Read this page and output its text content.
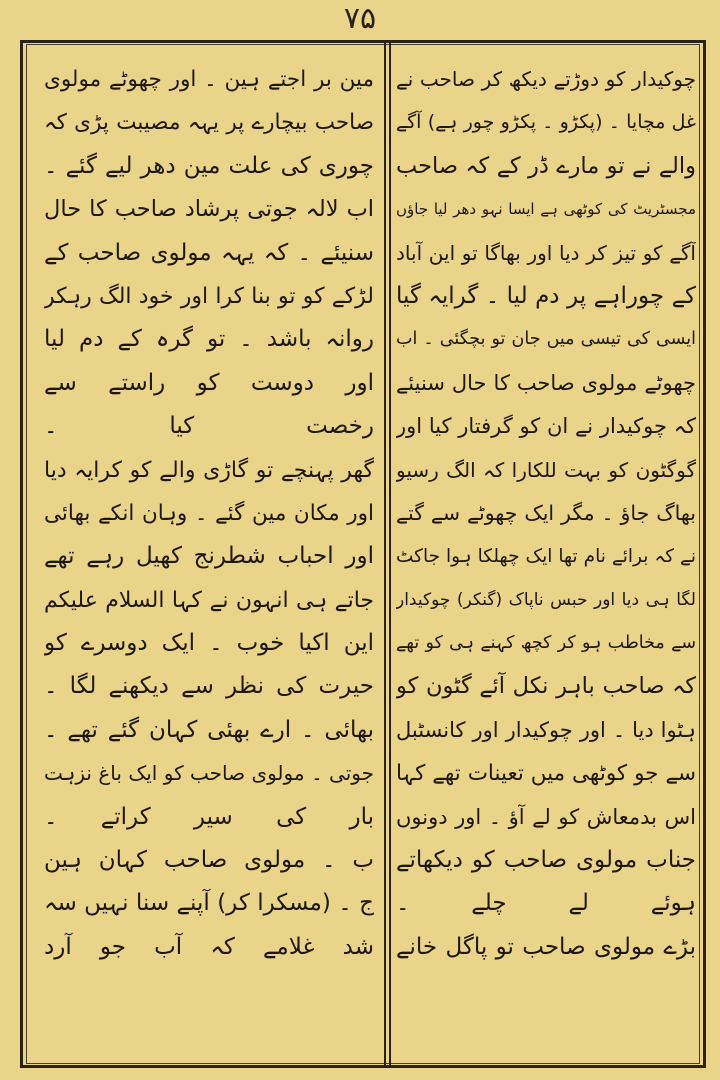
۷۵
چوکیدار کو دوڑتے دیکھ کر صاحب نے
غل مچایا ۔ (پکڑو ۔ پکڑو چور ہے) آگے
والے نے تو مارے ڈر کے کہ صاحب
مجسٹریٹ کی کوٹھی ہے ایسا نہو دھر لیا جاؤں
آگے کو تیز کر دیا اور بھاگا تو این آباد
کے چوراہے پر دم لیا ۔ گرایہ گیا
ایسی کی تیسی میں جان تو بچگئی ۔ اب
چھوٹے مولوی صاحب کا حال سنیئے
کہ چوکیدار نے ان کو گرفتار کیا اور
گوگٹون کو بہت للکارا کہ الگ رسیو
بھاگ جاؤ ۔ مگر ایک چھوٹے سے گتے
نے کہ برائے نام تھا ایک چھلکا ہوا جاکٹ
لگا ہی دیا اور حبس ناپاک (گنکر) چوکیدار
سے مخاطب ہو کر کچھ کہنے ہی کو تھے
کہ صاحب باہر نکل آئے گٹون کو
ہٹوا دیا ۔ اور چوکیدار اور کانسٹبل
سے جو کوٹھی میں تعینات تھے کہا
اس بدمعاش کو لے آؤ ۔ اور دونوں
جناب مولوی صاحب کو دیکھاتے
ہوئے لے چلے ۔
بڑے مولوی صاحب تو پاگل خانے
مین بر اجتے ہین ۔ اور چھوٹے مولوی
صاحب بیچارے پر یہہ مصیبت پڑی کہ
چوری کی علت مین دھر لیے گئے ۔
اب لالہ جوتی پرشاد صاحب کا حال
سنیئے ۔ کہ یہہ مولوی صاحب کے
لڑکے کو تو بنا کرا اور خود الگ رہکر
روانہ باشد ۔ تو گرہ کے دم لیا
اور دوست کو راستے سے
رخصت کیا ۔
گھر پہنچے تو گاڑی والے کو کرایہ دیا
اور مکان مین گئے ۔ وہان انکے بھائی
اور احباب شطرنج کھیل رہے تھے
جاتے ہی انہون نے کہا السلام علیکم
این اکیا خوب ۔ ایک دوسرے کو
حیرت کی نظر سے دیکھنے لگا ۔
بھائی ۔ ارے بھئی کہان گئے تھے ۔
جوتی ۔ مولوی صاحب کو ایک باغ نزہت
بار کی سیر کراتے ۔
ب ۔ مولوی صاحب کہان ہین
ج ۔ (مسکرا کر) آپنے سنا نہیں سہ
شد غلامے کہ آب جو آرد
